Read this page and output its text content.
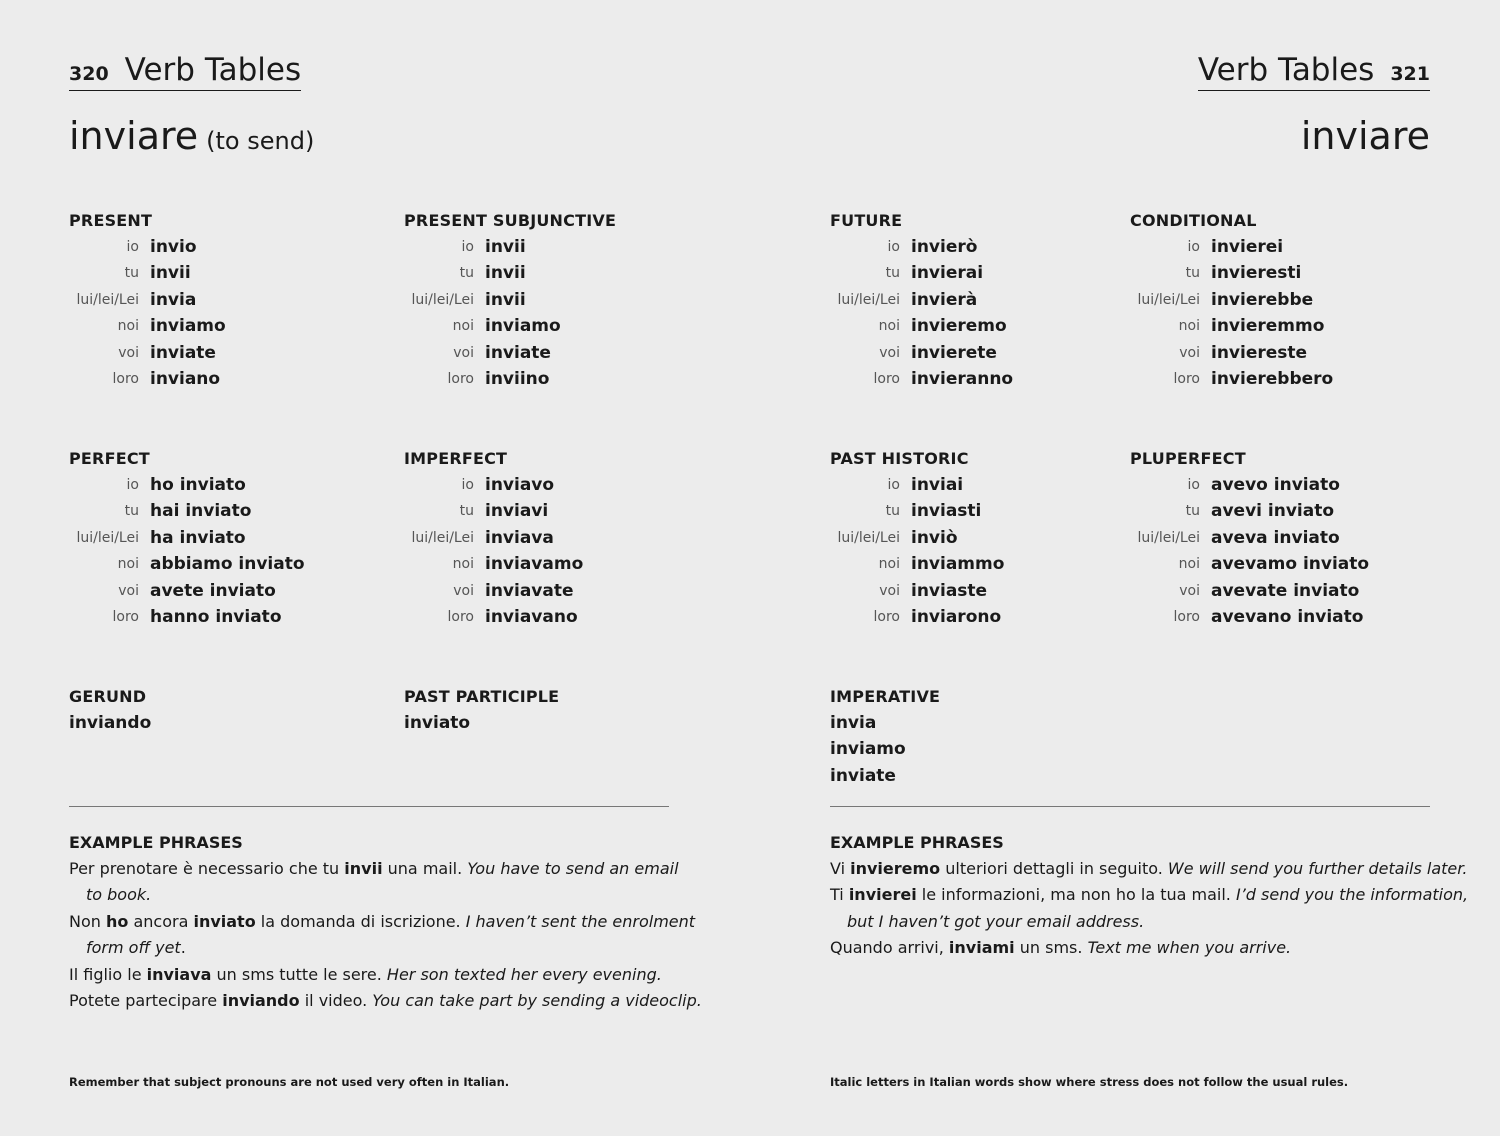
320 Verb Tables
inviare (to send)
PRESENT
io invio
tu invii
lui/lei/Lei invia
noi inviamo
voi inviate
loro inviano
PRESENT SUBJUNCTIVE
io invii
tu invii
lui/lei/Lei invii
noi inviamo
voi inviate
loro inviino
PERFECT
io ho inviato
tu hai inviato
lui/lei/Lei ha inviato
noi abbiamo inviato
voi avete inviato
loro hanno inviato
IMPERFECT
io inviavo
tu inviavi
lui/lei/Lei inviava
noi inviavamo
voi inviavate
loro inviavano
GERUND
inviando
PAST PARTICIPLE
inviato
EXAMPLE PHRASES
Per prenotare è necessario che tu invii una mail. You have to send an email
to book.
Non ho ancora inviato la domanda di iscrizione. I haven’t sent the enrolment
form off yet.
Il figlio le inviava un sms tutte le sere. Her son texted her every evening.
Potete partecipare inviando il video. You can take part by sending a videoclip.
Remember that subject pronouns are not used very often in Italian.
Verb Tables 321
inviare
FUTURE
io invierò
tu invierai
lui/lei/Lei invierà
noi invieremo
voi invierete
loro invieranno
CONDITIONAL
io invierei
tu invieresti
lui/lei/Lei invierebbe
noi invieremmo
voi inviereste
loro invierebbero
PAST HISTORIC
io inviai
tu inviasti
lui/lei/Lei inviò
noi inviammo
voi inviaste
loro inviarono
PLUPERFECT
io avevo inviato
tu avevi inviato
lui/lei/Lei aveva inviato
noi avevamo inviato
voi avevate inviato
loro avevano inviato
IMPERATIVE
invia
inviamo
inviate
EXAMPLE PHRASES
Vi invieremo ulteriori dettagli in seguito. We will send you further details later.
Ti invierei le informazioni, ma non ho la tua mail. I’d send you the information,
but I haven’t got your email address.
Quando arrivi, inviami un sms. Text me when you arrive.
Italic letters in Italian words show where stress does not follow the usual rules.
